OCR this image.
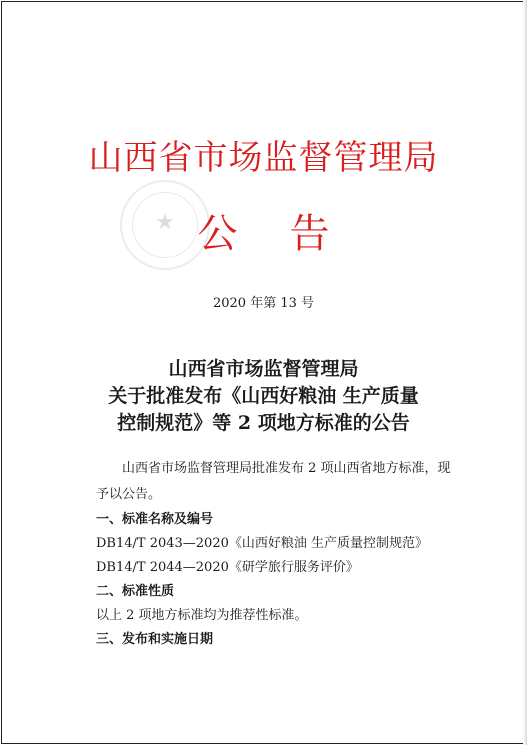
★
山西省市场监督管理局
公告
2020 年第 13 号
山西省市场监督管理局
关于批准发布《山西好粮油 生产质量
控制规范》等 2 项地方标准的公告

山西省市场监督管理局批准发布 2 项山西省地方标准，现予以公告。

一、标准名称及编号
DB14/T 2043—2020《山西好粮油 生产质量控制规范》
DB14/T 2044—2020《研学旅行服务评价》
二、标准性质
以上 2 项地方标准均为推荐性标准。
三、发布和实施日期
